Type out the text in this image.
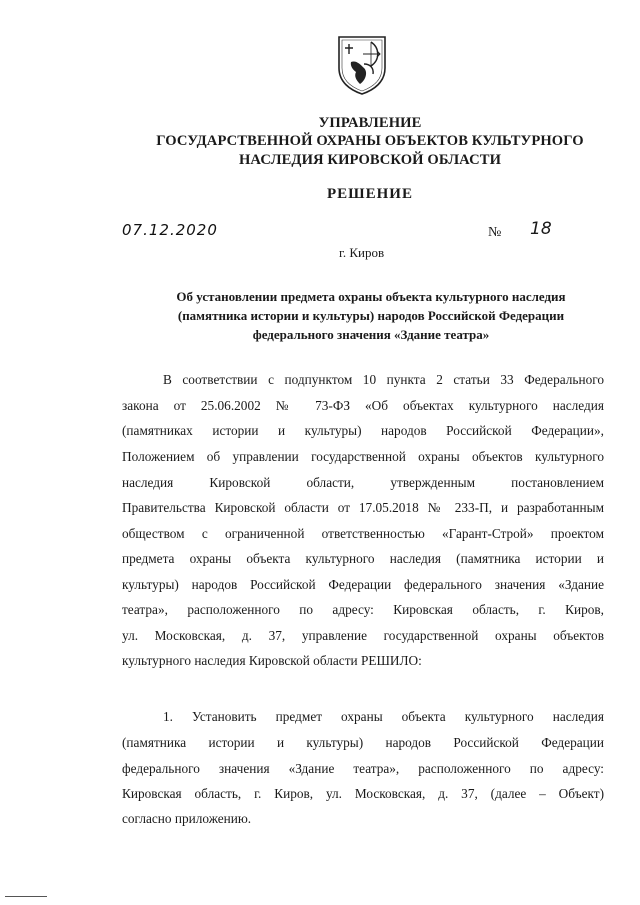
УПРАВЛЕНИЕ
ГОСУДАРСТВЕННОЙ ОХРАНЫ ОБЪЕКТОВ КУЛЬТУРНОГО
НАСЛЕДИЯ КИРОВСКОЙ ОБЛАСТИ
РЕШЕНИЕ
07.12.2020	№ 18
г. Киров
Об установлении предмета охраны объекта культурного наследия
(памятника истории и культуры) народов Российской Федерации
федерального значения «Здание театра»
В соответствии с подпунктом 10 пункта 2 статьи 33 Федерального
закона от 25.06.2002 № 73-ФЗ «Об объектах культурного наследия
(памятниках истории и культуры) народов Российской Федерации»,
Положением об управлении государственной охраны объектов культурного
наследия Кировской области, утвержденным постановлением
Правительства Кировской области от 17.05.2018 № 233-П, и разработанным
обществом с ограниченной ответственностью «Гарант-Строй» проектом
предмета охраны объекта культурного наследия (памятника истории и
культуры) народов Российской Федерации федерального значения «Здание
театра», расположенного по адресу: Кировская область, г. Киров,
ул. Московская, д. 37, управление государственной охраны объектов
культурного наследия Кировской области РЕШИЛО:
1. Установить предмет охраны объекта культурного наследия
(памятника истории и культуры) народов Российской Федерации
федерального значения «Здание театра», расположенного по адресу:
Кировская область, г. Киров, ул. Московская, д. 37, (далее – Объект)
согласно приложению.
